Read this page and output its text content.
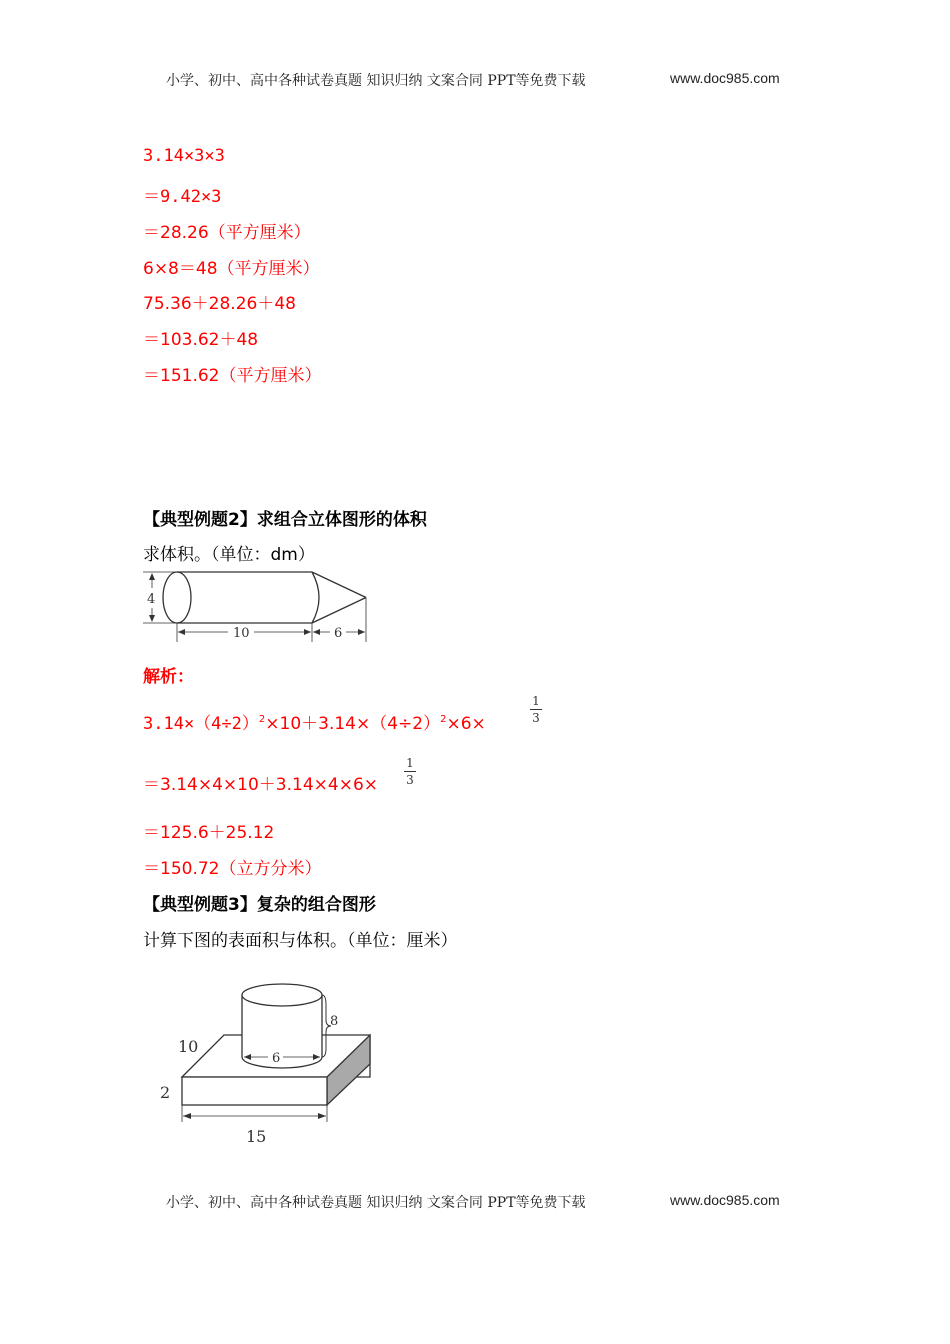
小学、初中、高中各种试卷真题 知识归纳 文案合同 PPT等免费下载	www.doc985.com
3.14×3×3
＝9.42×3
＝28.26（平方厘米）
6×8＝48（平方厘米）
75.36＋28.26＋48
＝103.62＋48
＝151.62（平方厘米）
【典型例题2】求组合立体图形的体积
求体积。（单位：dm）
4
10	6
解析：
$3.14\times(4\div 2)^2\times 10+3.14\times(4\div 2)^2\times 6\times$
1
3
＝3.14×4×10＋3.14×4×6×
1
3
＝125.6＋25.12
＝150.72（立方分米）
【典型例题3】复杂的组合图形
计算下图的表面积与体积。（单位：厘米）
8
6
10
2
15
小学、初中、高中各种试卷真题 知识归纳 文案合同 PPT等免费下载	www.doc985.com
